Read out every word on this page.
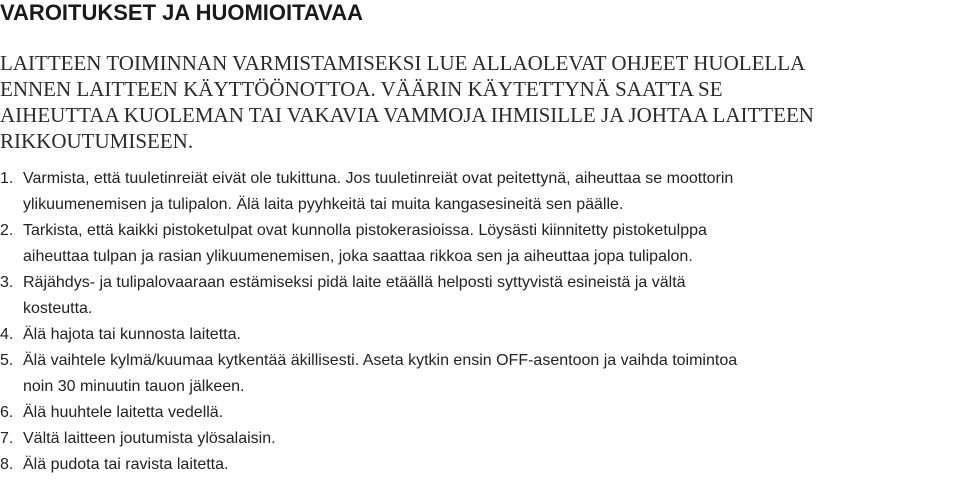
VAROITUKSET JA HUOMIOITAVAA

LAITTEEN TOIMINNAN VARMISTAMISEKSI LUE ALLAOLEVAT OHJEET HUOLELLA
ENNEN LAITTEEN KÄYTTÖÖNOTTOA. VÄÄRIN KÄYTETTYNÄ SAATTA SE
AIHEUTTAA KUOLEMAN TAI VAKAVIA VAMMOJA IHMISILLE JA JOHTAA LAITTEEN
RIKKOUTUMISEEN.

1. Varmista, että tuuletinreiät eivät ole tukittuna. Jos tuuletinreiät ovat peitettynä, aiheuttaa se moottorin
ylikuumenemisen ja tulipalon. Älä laita pyyhkeitä tai muita kangasesineitä sen päälle.
2. Tarkista, että kaikki pistoketulpat ovat kunnolla pistokerasioissa. Löysästi kiinnitetty pistoketulppa
aiheuttaa tulpan ja rasian ylikuumenemisen, joka saattaa rikkoa sen ja aiheuttaa jopa tulipalon.
3. Räjähdys- ja tulipalovaaraan estämiseksi pidä laite etäällä helposti syttyvistä esineistä ja vältä
kosteutta.
4. Älä hajota tai kunnosta laitetta.
5. Älä vaihtele kylmä/kuumaa kytkentää äkillisesti. Aseta kytkin ensin OFF-asentoon ja vaihda toimintoa
noin 30 minuutin tauon jälkeen.
6. Älä huuhtele laitetta vedellä.
7. Vältä laitteen joutumista ylösalaisin.
8. Älä pudota tai ravista laitetta.
